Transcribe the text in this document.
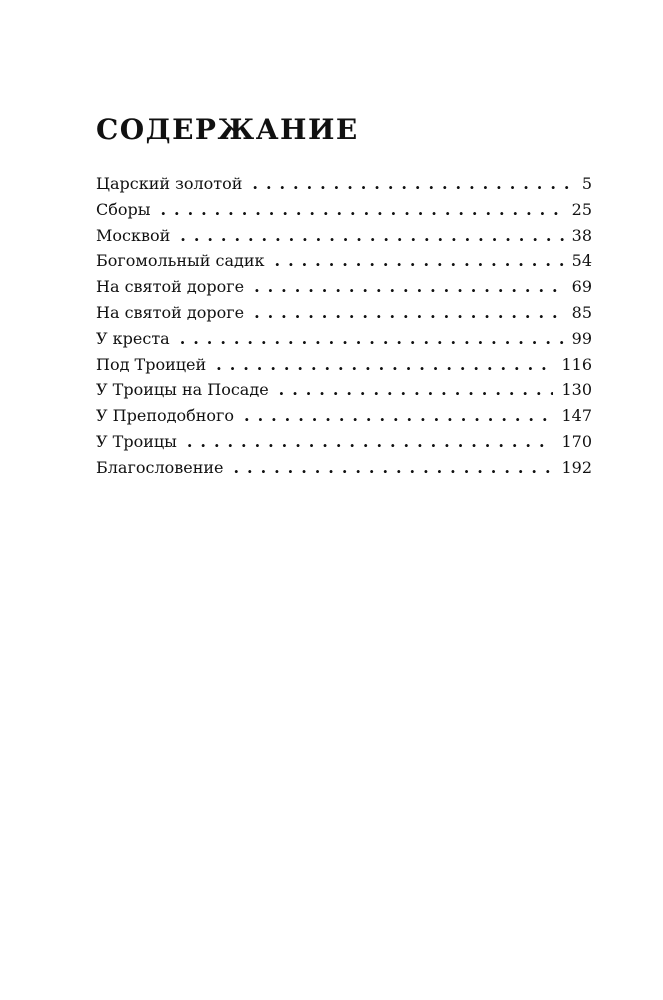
СОДЕРЖАНИЕ
Царский золотой . . .	5
Сборы . . .	25
Москвой . . .	38
Богомольный садик . . .	54
На святой дороге . . .	69
На святой дороге . . .	85
У креста . . .	99
Под Троицей . . .	116
У Троицы на Посаде . . .	130
У Преподобного . . .	147
У Троицы . . .	170
Благословение . . .	192
